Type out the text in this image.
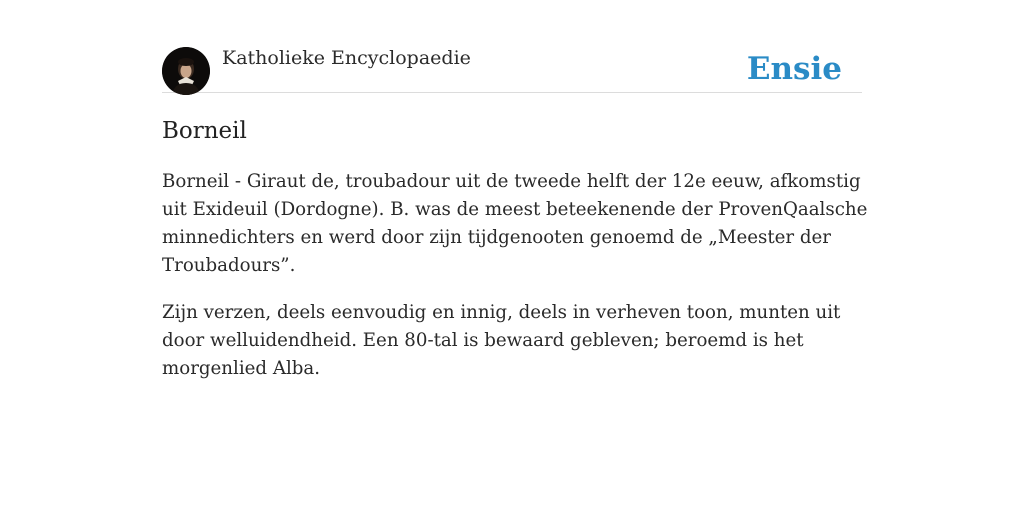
Katholieke Encyclopaedie	Ensie
Borneil

Borneil - Giraut de, troubadour uit de tweede helft der 12e eeuw, afkomstig uit Exideuil (Dordogne). B. was de meest beteekenende der ProvenQaalsche minnedichters en werd door zijn tijdgenooten genoemd de „Meester der Troubadours”.

Zijn verzen, deels eenvoudig en innig, deels in verheven toon, munten uit door welluidendheid. Een 80-tal is bewaard gebleven; beroemd is het morgenlied Alba.
